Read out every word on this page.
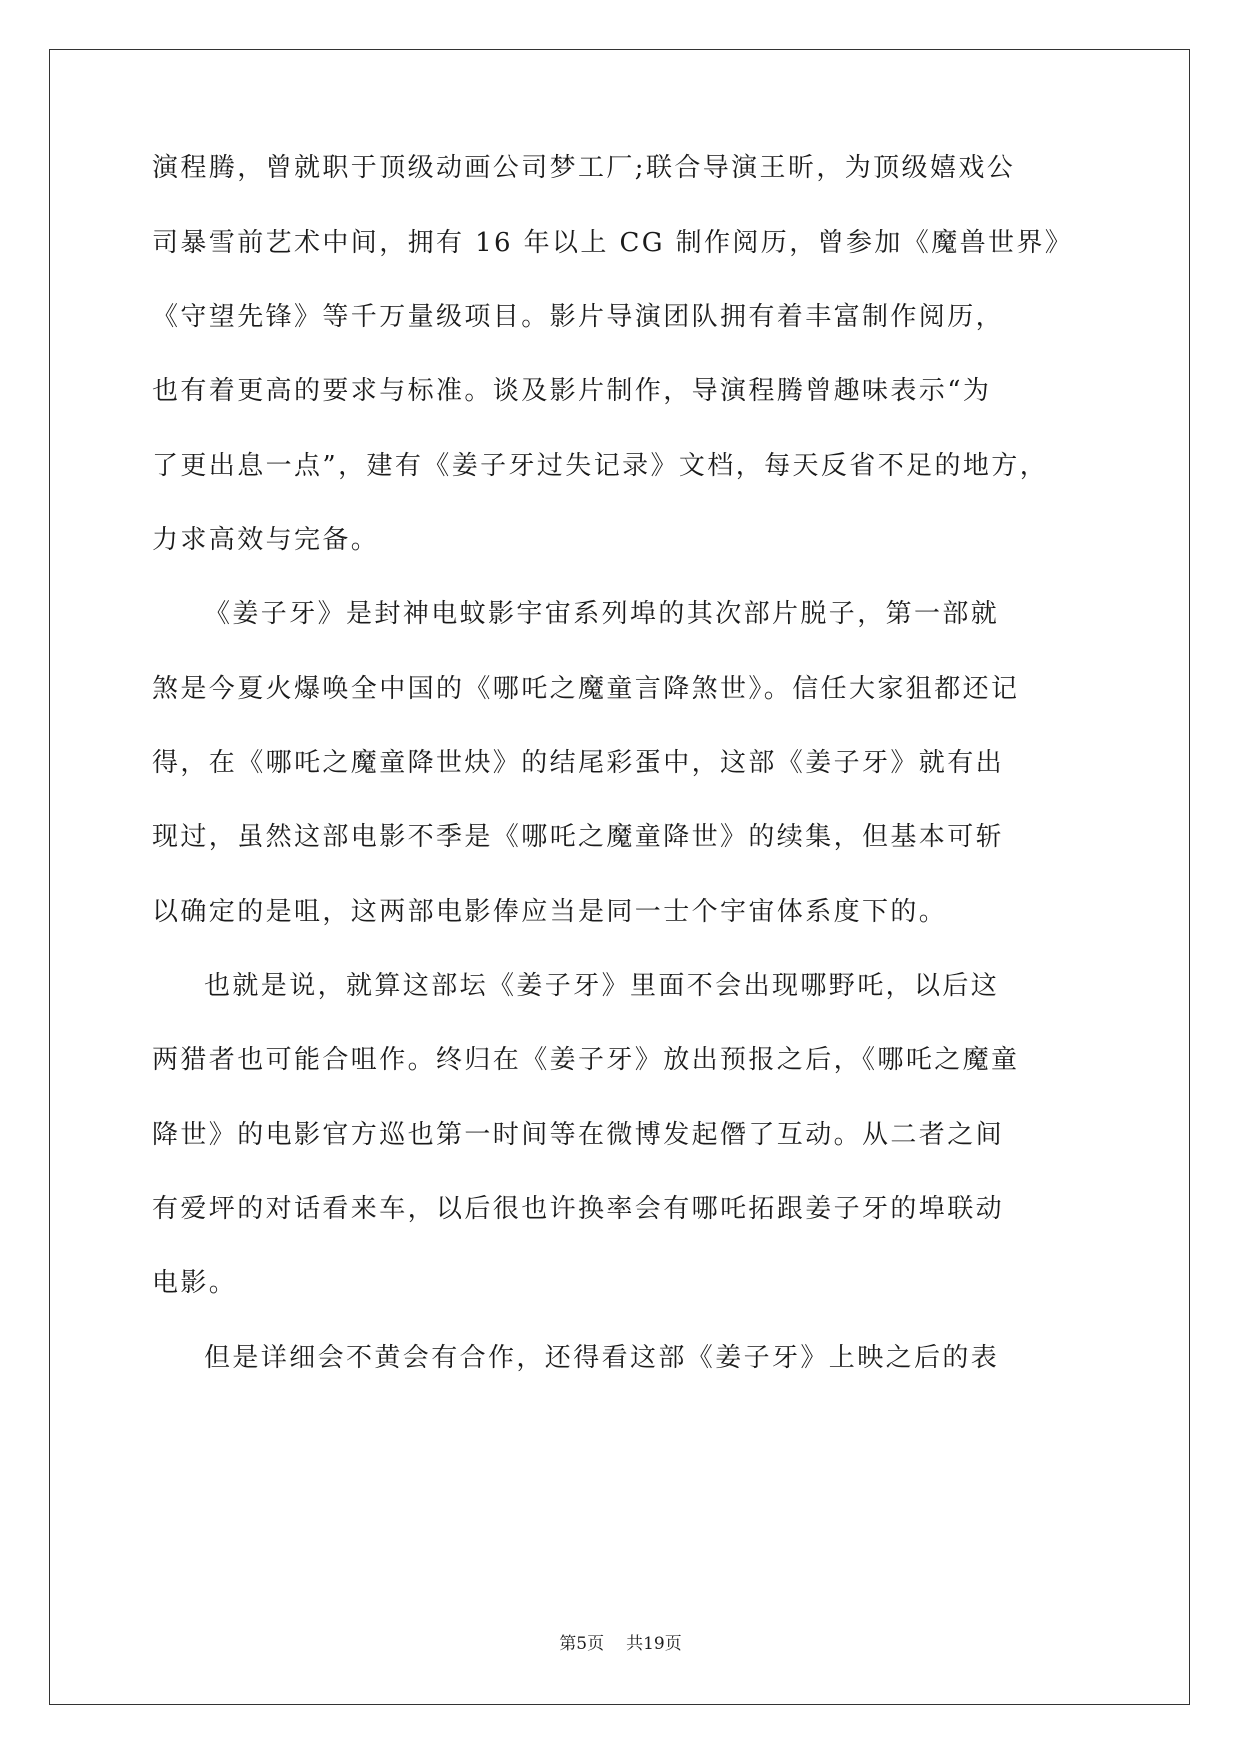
演程腾，曾就职于顶级动画公司梦工厂;联合导演王昕，为顶级嬉戏公
司暴雪前艺术中间，拥有 16 年以上 CG 制作阅历，曾参加《魔兽世界》
《守望先锋》等千万量级项目。影片导演团队拥有着丰富制作阅历，
也有着更高的要求与标准。谈及影片制作，导演程腾曾趣味表示“为
了更出息一点”，建有《姜子牙过失记录》文档，每天反省不足的地方，
力求高效与完备。
《姜子牙》是封神电蚊影宇宙系列埠的其次部片脱子，第一部就
煞是今夏火爆唤全中国的《哪吒之魔童言降煞世》。信任大家狙都还记
得，在《哪吒之魔童降世炔》的结尾彩蛋中，这部《姜子牙》就有出
现过，虽然这部电影不季是《哪吒之魔童降世》的续集，但基本可斩
以确定的是咀，这两部电影俸应当是同一士个宇宙体系度下的。
也就是说，就算这部坛《姜子牙》里面不会出现哪野吒，以后这
两猎者也可能合咀作。终归在《姜子牙》放出预报之后，《哪吒之魔童
降世》的电影官方巡也第一时间等在微博发起僭了互动。从二者之间
有爱坪的对话看来车，以后很也许换率会有哪吒拓跟姜子牙的埠联动
电影。
但是详细会不黄会有合作，还得看这部《姜子牙》上映之后的表
第5页 共19页
